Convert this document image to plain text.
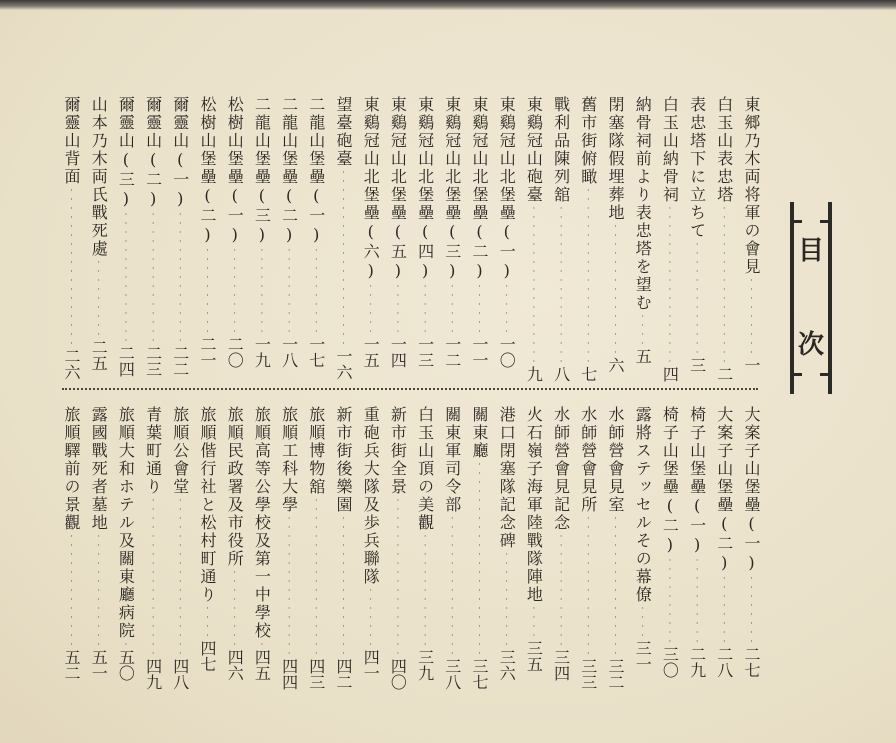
目
次
東郷乃木両将軍の會見·········一
白玉山表忠塔··················二
表忠塔下に立ちて·············三
白玉山納骨祠··················四
納骨祠前より表忠塔を望む····五
閉塞隊假埋葬地···············六
舊市街俯瞰····················七
戰利品陳列舘··················八
東鷄冠山砲臺··················九
東鷄冠山北堡壘(一)······一〇
東鷄冠山北堡壘(二)······一一
東鷄冠山北堡壘(三)······一二
東鷄冠山北堡壘(四)······一三
東鷄冠山北堡壘(五)······一四
東鷄冠山北堡壘(六)······一五
望臺砲臺····················一六
二龍山堡壘(一)··········一七
二龍山堡壘(二)··········一八
二龍山堡壘(三)··········一九
松樹山堡壘(一)··········二〇
松樹山堡壘(二)··········二一
爾靈山(一)···············二二
爾靈山(二)···············二三
爾靈山(三)···············二四
山本乃木両氏戰死處·········二五
爾靈山背面··················二六
大案子山堡壘(一)········二七
大案子山堡壘(二)········二八
椅子山堡壘(一)··········二九
椅子山堡壘(二)··········三〇
露將ステッセルその幕僚····三一
水師營會見室················三二
水師營會見所················三三
水師營會見記念·············三四
火石嶺子海軍陸戰隊陣地····三五
港口閉塞隊記念碑···········三六
關東廳······················三七
關東軍司令部················三八
白玉山頂の美觀·············三九
新市街全景··················四〇
重砲兵大隊及歩兵聯隊·······四一
新市街後樂園················四二
旅順博物舘··················四三
旅順工科大學················四四
旅順高等公學校及第一中學校·四五
旅順民政署及市役所·········四六
旅順偕行社と松村町通り····四七
旅順公會堂··················四八
青葉町通り··················四九
旅順大和ホテル及關東廳病院·五〇
露國戰死者墓地·············五一
旅順驛前の景觀·············五二
